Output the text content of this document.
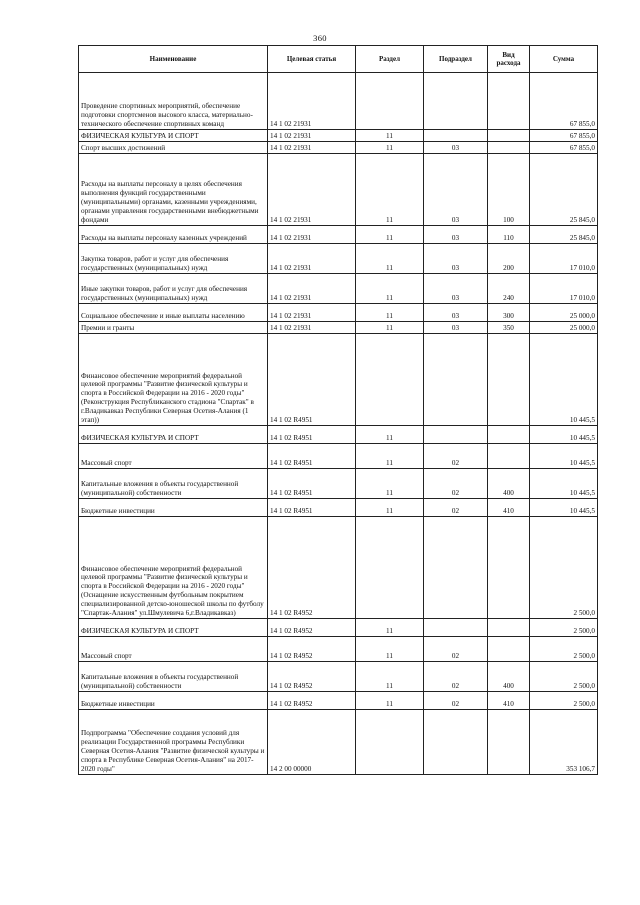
360
Наименование	Целевая статья	Раздел	Подраздел	Вид расхода	Сумма
Проведение спортивных мероприятий, обеспечение подготовки спортсменов высокого класса, материально-технического обеспечение спортивных команд	14 1 02 21931				67 855,0
ФИЗИЧЕСКАЯ КУЛЬТУРА И СПОРТ	14 1 02 21931	11			67 855,0
Спорт высших достижений	14 1 02 21931	11	03		67 855,0
Расходы на выплаты персоналу в целях обеспечения выполнения функций государственными (муниципальными) органами, казенными учреждениями, органами управления государственными внебюджетными фондами	14 1 02 21931	11	03	100	25 845,0
Расходы на выплаты персоналу казенных учреждений	14 1 02 21931	11	03	110	25 845,0
Закупка товаров, работ и услуг для обеспечения государственных (муниципальных) нужд	14 1 02 21931	11	03	200	17 010,0
Иные закупки товаров, работ и услуг для обеспечения государственных (муниципальных) нужд	14 1 02 21931	11	03	240	17 010,0
Социальное обеспечение и иные выплаты населению	14 1 02 21931	11	03	300	25 000,0
Премии и гранты	14 1 02 21931	11	03	350	25 000,0
Финансовое обеспечение мероприятий федеральной целевой программы "Развитие физической культуры и спорта в Российской Федерации на 2016 - 2020 годы" (Реконструкция Республиканского стадиона "Спартак" в г.Владикавказ Республики Северная Осетия-Алания (1 этап))	14 1 02 R4951				10 445,5
ФИЗИЧЕСКАЯ КУЛЬТУРА И СПОРТ	14 1 02 R4951	11			10 445,5
Массовый спорт	14 1 02 R4951	11	02		10 445,5
Капитальные вложения в объекты государственной (муниципальной) собственности	14 1 02 R4951	11	02	400	10 445,5
Бюджетные инвестиции	14 1 02 R4951	11	02	410	10 445,5
Финансовое обеспечение мероприятий федеральной целевой программы "Развитие физической культуры и спорта в Российской Федерации на 2016 - 2020 годы" (Оснащение искусственным футбольным покрытием специализированной детско-юношеской школы по футболу "Спартак-Алания" ул.Шмулевича 6,г.Владикавказ)	14 1 02 R4952				2 500,0
ФИЗИЧЕСКАЯ КУЛЬТУРА И СПОРТ	14 1 02 R4952	11			2 500,0
Массовый спорт	14 1 02 R4952	11	02		2 500,0
Капитальные вложения в объекты государственной (муниципальной) собственности	14 1 02 R4952	11	02	400	2 500,0
Бюджетные инвестиции	14 1 02 R4952	11	02	410	2 500,0
Подпрограмма "Обеспечение создания условий для реализации Государственной программы Республики Северная Осетия-Алания "Развитие физической культуры и спорта в Республике Северная Осетия-Алания" на 2017-2020 годы"	14 2 00 00000				353 106,7
